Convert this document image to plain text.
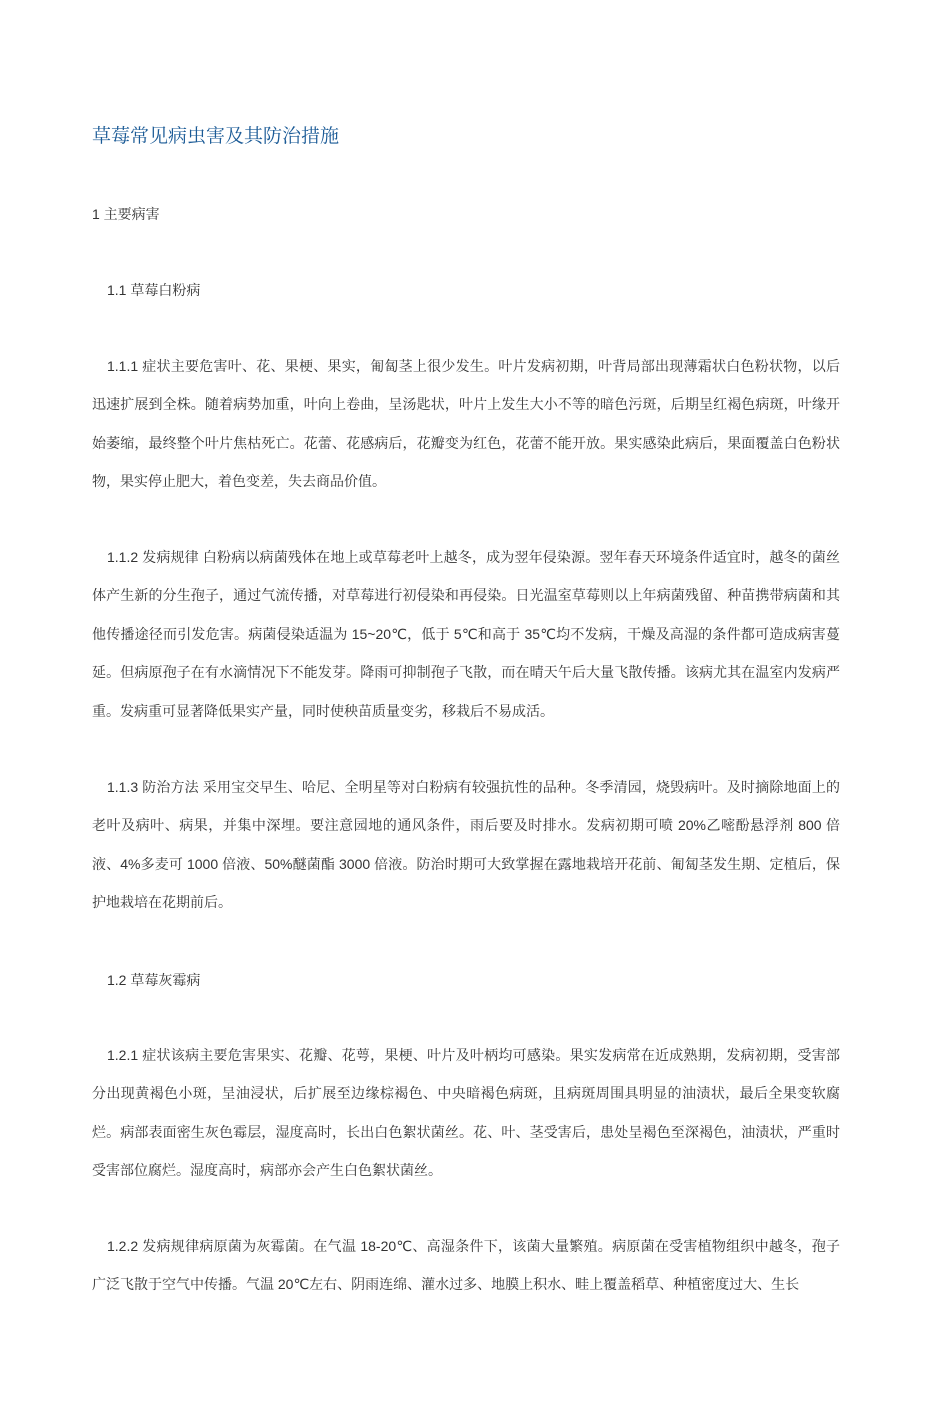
草莓常见病虫害及其防治措施

1 主要病害

1.1 草莓白粉病

1.1.1 症状主要危害叶、花、果梗、果实，匍匐茎上很少发生。叶片发病初期，叶背局部出现薄霜状白色粉状物，以后迅速扩展到全株。随着病势加重，叶向上卷曲，呈汤匙状，叶片上发生大小不等的暗色污斑，后期呈红褐色病斑，叶缘开始萎缩，最终整个叶片焦枯死亡。花蕾、花感病后，花瓣变为红色，花蕾不能开放。果实感染此病后，果面覆盖白色粉状物，果实停止肥大，着色变差，失去商品价值。

1.1.2 发病规律 白粉病以病菌残体在地上或草莓老叶上越冬，成为翌年侵染源。翌年春天环境条件适宜时，越冬的菌丝体产生新的分生孢子，通过气流传播，对草莓进行初侵染和再侵染。日光温室草莓则以上年病菌残留、种苗携带病菌和其他传播途径而引发危害。病菌侵染适温为 15~20℃，低于 5℃和高于 35℃均不发病，干燥及高湿的条件都可造成病害蔓延。但病原孢子在有水滴情况下不能发芽。降雨可抑制孢子飞散，而在晴天午后大量飞散传播。该病尤其在温室内发病严重。发病重可显著降低果实产量，同时使秧苗质量变劣，移栽后不易成活。

1.1.3 防治方法 采用宝交早生、哈尼、全明星等对白粉病有较强抗性的品种。冬季清园，烧毁病叶。及时摘除地面上的老叶及病叶、病果，并集中深埋。要注意园地的通风条件，雨后要及时排水。发病初期可喷 20%乙嘧酚悬浮剂 800 倍液、4%多麦可 1000 倍液、50%醚菌酯 3000 倍液。防治时期可大致掌握在露地栽培开花前、匍匐茎发生期、定植后，保护地栽培在花期前后。

1.2 草莓灰霉病

1.2.1 症状该病主要危害果实、花瓣、花萼，果梗、叶片及叶柄均可感染。果实发病常在近成熟期，发病初期，受害部分出现黄褐色小斑，呈油浸状，后扩展至边缘棕褐色、中央暗褐色病斑，且病斑周围具明显的油渍状，最后全果变软腐烂。病部表面密生灰色霉层，湿度高时，长出白色絮状菌丝。花、叶、茎受害后，患处呈褐色至深褐色，油渍状，严重时受害部位腐烂。湿度高时，病部亦会产生白色絮状菌丝。

1.2.2 发病规律病原菌为灰霉菌。在气温 18-20℃、高湿条件下，该菌大量繁殖。病原菌在受害植物组织中越冬，孢子广泛飞散于空气中传播。气温 20℃左右、阴雨连绵、灌水过多、地膜上积水、畦上覆盖稻草、种植密度过大、生长
